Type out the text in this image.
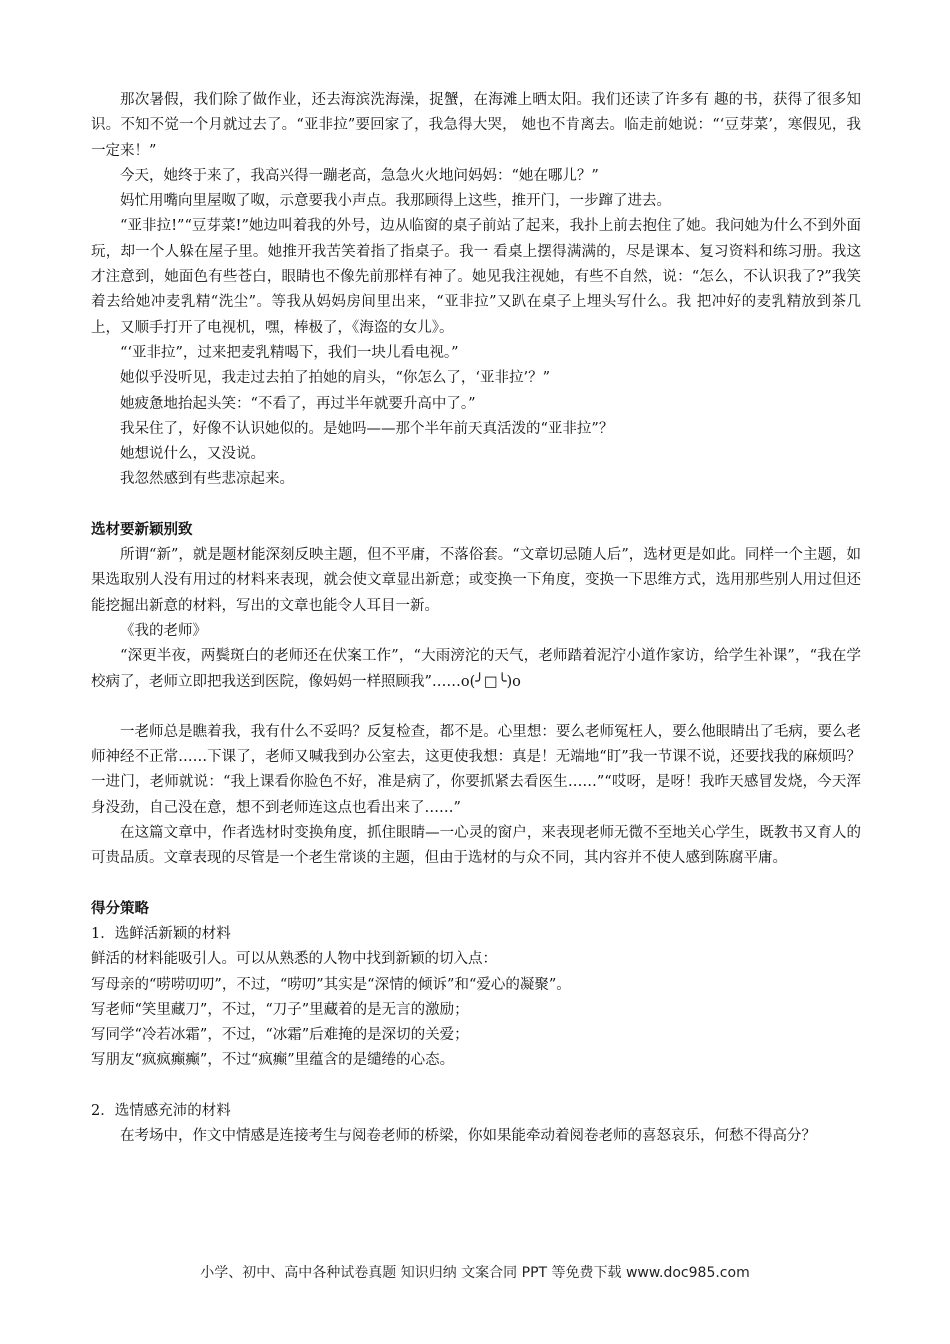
那次暑假，我们除了做作业，还去海滨洗海澡，捉蟹，在海滩上晒太阳。我们还读了许多有 趣的书，获得了很多知识。不知不觉一个月就过去了。“亚非拉”要回家了，我急得大哭， 她也不肯离去。临走前她说：“‘豆芽菜’，寒假见，我一定来！”

今天，她终于来了，我高兴得一蹦老高，急急火火地问妈妈：“她在哪儿？”

妈忙用嘴向里屋呶了呶，示意要我小声点。我那顾得上这些，推开门，一步蹿了进去。

“亚非拉!”“豆芽菜!”她边叫着我的外号，边从临窗的桌子前站了起来，我扑上前去抱住了她。我问她为什么不到外面玩，却一个人躲在屋子里。她推开我苦笑着指了指桌子。我一 看桌上摆得满满的，尽是课本、复习资料和练习册。我这才注意到，她面色有些苍白，眼睛也不像先前那样有神了。她见我注视她，有些不自然，说：“怎么，不认识我了?”我笑着去给她冲麦乳精“洗尘”。等我从妈妈房间里出来，“亚非拉”又趴在桌子上埋头写什么。我 把冲好的麦乳精放到茶几上，又顺手打开了电视机，嘿，棒极了，《海盗的女儿》。

“‘亚非拉”，过来把麦乳精喝下，我们一块儿看电视。”

她似乎没听见，我走过去拍了拍她的肩头，“你怎么了，‘亚非拉’？”

她疲惫地抬起头笑：“不看了，再过半年就要升高中了。”

我呆住了，好像不认识她似的。是她吗——那个半年前天真活泼的“亚非拉”？

她想说什么，又没说。

我忽然感到有些悲凉起来。

选材要新颖别致

所谓“新”，就是题材能深刻反映主题，但不平庸，不落俗套。“文章切忌随人后”，选材更是如此。同样一个主题，如果选取别人没有用过的材料来表现，就会使文章显出新意；或变换一下角度，变换一下思维方式，选用那些别人用过但还能挖掘出新意的材料，写出的文章也能令人耳目一新。

《我的老师》

“深更半夜，两鬓斑白的老师还在伏案工作”，“大雨滂沱的天气，老师踏着泥泞小道作家访，给学生补课”，“我在学校病了，老师立即把我送到医院，像妈妈一样照顾我”……o(╯□╰)o

一老师总是瞧着我，我有什么不妥吗？反复检查，都不是。心里想：要么老师冤枉人，要么他眼睛出了毛病，要么老师神经不正常……下课了，老师又喊我到办公室去，这更使我想：真是！无端地“盯”我一节课不说，还要找我的麻烦吗？一进门，老师就说：“我上课看你脸色不好，准是病了，你要抓紧去看医生……”“哎呀，是呀！我昨天感冒发烧，今天浑身没劲，自己没在意，想不到老师连这点也看出来了……”

在这篇文章中，作者选材时变换角度，抓住眼睛—一心灵的窗户，来表现老师无微不至地关心学生，既教书又育人的可贵品质。文章表现的尽管是一个老生常谈的主题，但由于选材的与众不同，其内容并不使人感到陈腐平庸。

得分策略

1．选鲜活新颖的材料

鲜活的材料能吸引人。可以从熟悉的人物中找到新颖的切入点：

写母亲的“唠唠叨叨”，不过，“唠叨”其实是“深情的倾诉”和“爱心的凝聚”。

写老师“笑里藏刀”，不过，“刀子”里藏着的是无言的激励；

写同学“冷若冰霜”，不过，“冰霜”后难掩的是深切的关爱；

写朋友“疯疯癫癫”，不过“疯癫”里蕴含的是缱绻的心态。

2．选情感充沛的材料

在考场中，作文中情感是连接考生与阅卷老师的桥梁，你如果能牵动着阅卷老师的喜怒哀乐，何愁不得高分？

小学、初中、高中各种试卷真题 知识归纳 文案合同 PPT 等免费下载 www.doc985.com
